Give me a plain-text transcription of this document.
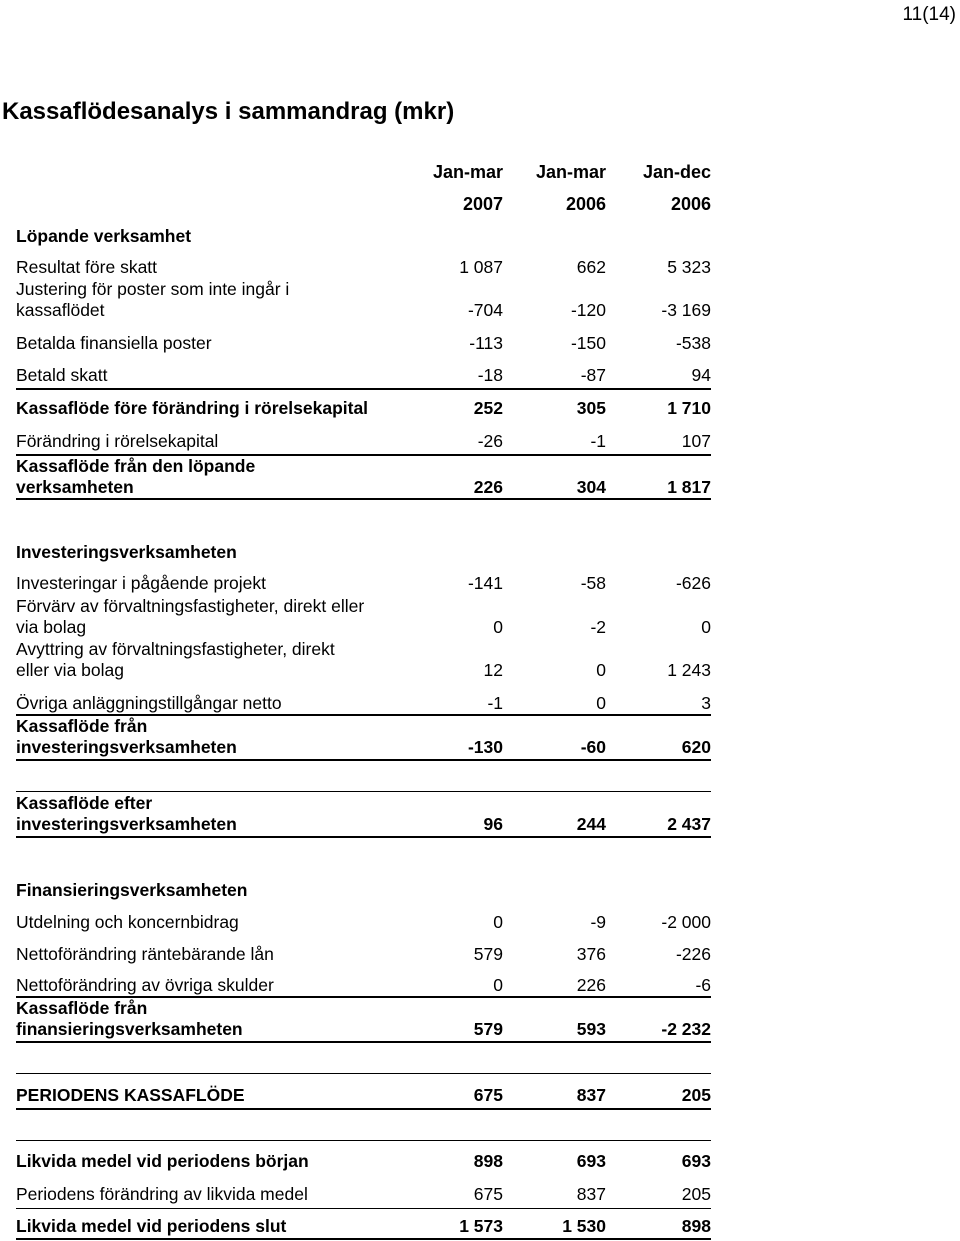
11(14)
Kassaflödesanalys i sammandrag (mkr)
Jan-mar Jan-mar Jan-dec
2007	2006	2006
Löpande verksamhet
Resultat före skatt	1 087	662	5 323
Justering för poster som inte ingår i
kassaflödet	-704	-120	-3 169
Betalda finansiella poster	-113	-150	-538
Betald skatt	-18	-87	94
Kassaflöde före förändring i rörelsekapital	252	305	1 710
Förändring i rörelsekapital	-26	-1	107
Kassaflöde från den löpande
verksamheten	226	304	1 817
Investeringsverksamheten
Investeringar i pågående projekt	-141	-58	-626
Förvärv av förvaltningsfastigheter, direkt eller
via bolag	0	-2	0
Avyttring av förvaltningsfastigheter, direkt
eller via bolag	12	0	1 243
Övriga anläggningstillgångar netto	-1	0	3
Kassaflöde från
investeringsverksamheten	-130	-60	620
Kassaflöde efter
investeringsverksamheten	96	244	2 437
Finansieringsverksamheten
Utdelning och koncernbidrag	0	-9	-2 000
Nettoförändring räntebärande lån	579	376	-226
Nettoförändring av övriga skulder	0	226	-6
Kassaflöde från
finansieringsverksamheten	579	593	-2 232
PERIODENS KASSAFLÖDE	675	837	205
Likvida medel vid periodens början	898	693	693
Periodens förändring av likvida medel	675	837	205
Likvida medel vid periodens slut	1 573	1 530	898
